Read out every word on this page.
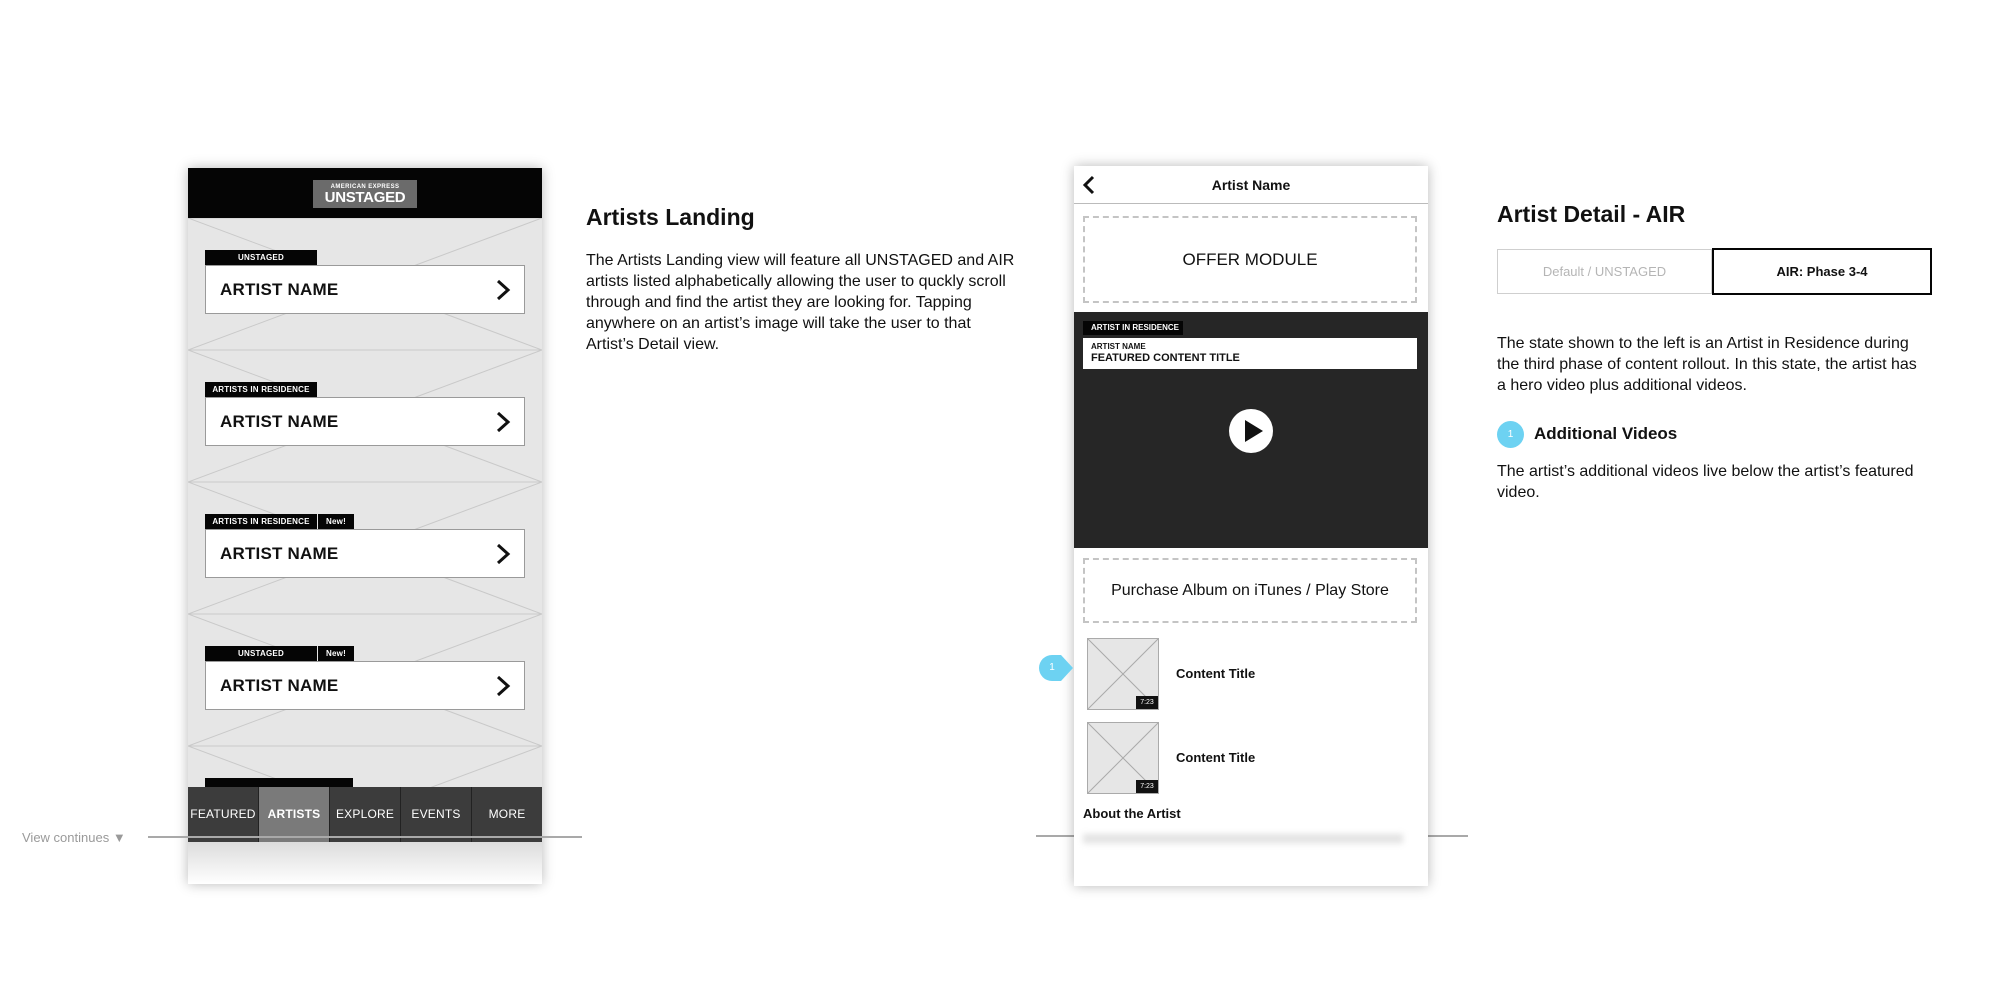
AMERICAN EXPRESS
UNSTAGED
UNSTAGED
ARTIST NAME
ARTISTS IN RESIDENCE
ARTIST NAME
ARTISTS IN RESIDENCE	New!
ARTIST NAME
UNSTAGED	New!
ARTIST NAME
FEATURED ARTISTS	EXPLORE	EVENTS	MORE
View continues ▼
Artists Landing
The Artists Landing view will feature all UNSTAGED and AIR artists listed alphabetically allowing the user to quckly scroll through and find the artist they are looking for. Tapping anywhere on an artist’s image will take the user to that Artist’s Detail view.
Artist Name
OFFER MODULE
ARTIST IN RESIDENCE
ARTIST NAME
FEATURED CONTENT TITLE
Purchase Album on iTunes / Play Store
7:23
Content Title
7:23
Content Title
About the Artist
1
Artist Detail - AIR
Default / UNSTAGED	AIR: Phase 3-4
The state shown to the left is an Artist in Residence during the third phase of content rollout. In this state, the artist has a hero video plus additional videos.
1	Additional Videos
The artist’s additional videos live below the artist’s featured video.
